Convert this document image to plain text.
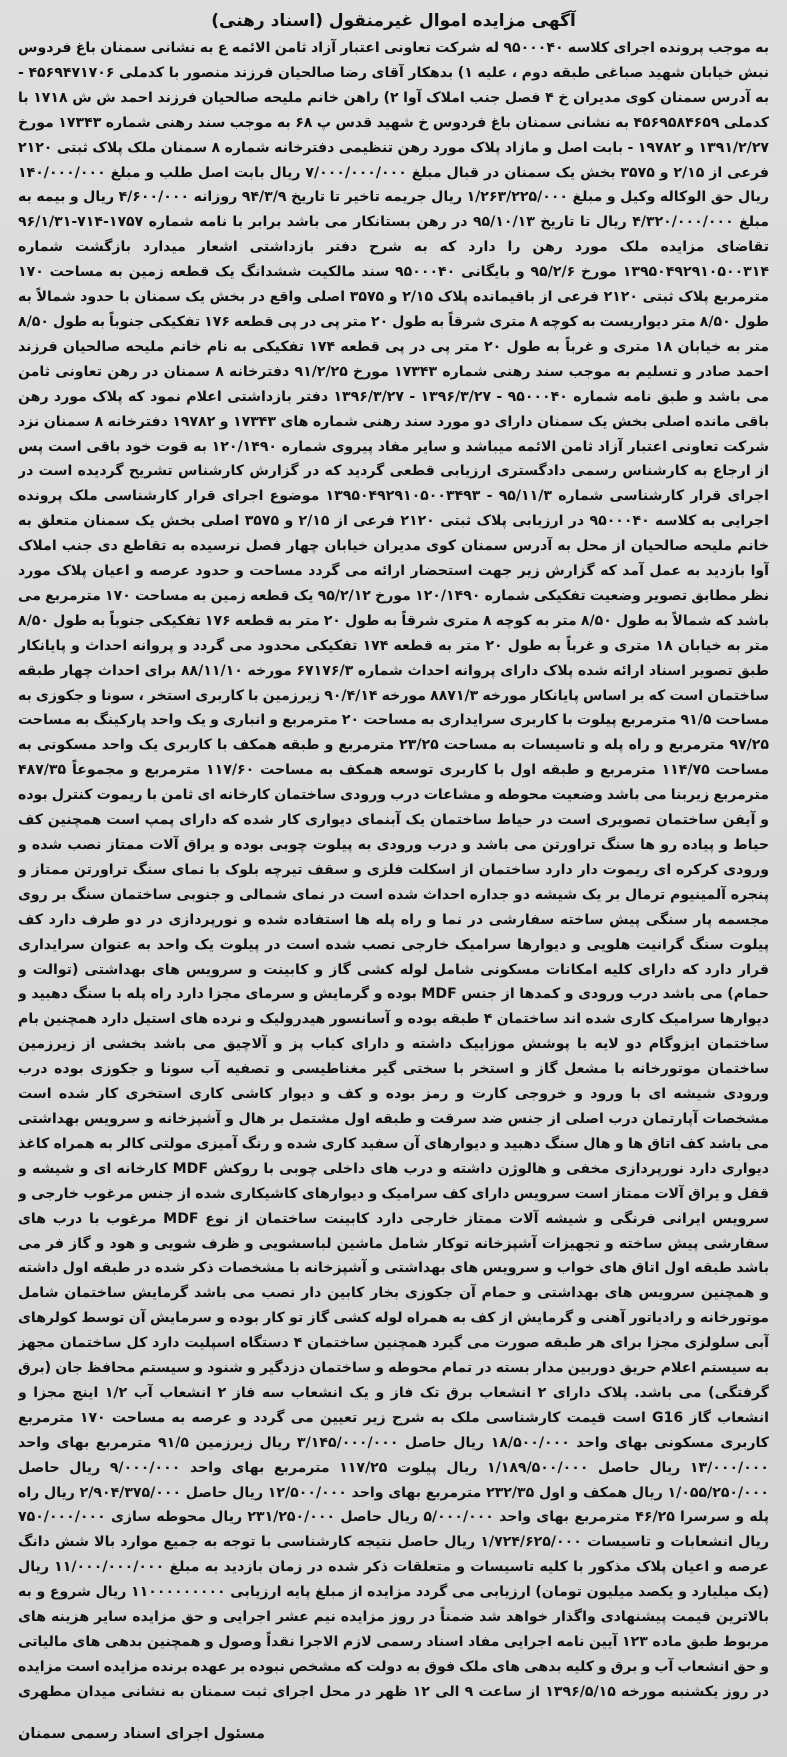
آگهی مزایده اموال غیرمنقول (اسناد رهنی)

به موجب پرونده اجرای کلاسه ۹۵۰۰۰۴۰ له شرکت تعاونی اعتبار آزاد ثامن الائمه ع به نشانی سمنان باغ فردوس نبش خیابان شهید صباغی طبقه دوم ، علیه ۱) بدهکار آقای رضا صالحیان فرزند منصور با کدملی ۴۵۶۹۴۷۱۷۰۶ - به آدرس سمنان کوی مدیران خ ۴ فصل جنب املاک آوا ۲) راهن خانم ملیحه صالحیان فرزند احمد ش ش ۱۷۱۸ با کدملی ۴۵۶۹۵۸۴۶۵۹ به نشانی سمنان باغ فردوس خ شهید قدس پ ۶۸ به موجب سند رهنی شماره ۱۷۳۴۳ مورخ ۱۳۹۱/۲/۲۷ و ۱۹۷۸۲ - بابت اصل و مازاد پلاک مورد رهن تنظیمی دفترخانه شماره ۸ سمنان ملک پلاک ثبتی ۲۱۲۰ فرعی از ۲/۱۵ و ۳۵۷۵ بخش یک سمنان در قبال مبلغ ۷/۰۰۰/۰۰۰/۰۰۰ ریال بابت اصل طلب و مبلغ ۱۴۰/۰۰۰/۰۰۰ ریال حق الوکاله وکیل و مبلغ ۱/۲۶۳/۲۲۵/۰۰۰ ریال جریمه تاخیر تا تاریخ ۹۴/۳/۹ روزانه ۴/۶۰۰/۰۰۰ ریال و بیمه به مبلغ ۴/۳۲۰/۰۰۰/۰۰۰ ریال تا تاریخ ۹۵/۱۰/۱۳ در رهن بستانکار می باشد برابر با نامه شماره ۱۷۵۷-۷۱۴-۹۶/۱/۳۱ تقاضای مزایده ملک مورد رهن را دارد که به شرح دفتر بازداشتی اشعار میدارد بازگشت شماره ۱۳۹۵۰۴۹۲۹۱۰۵۰۰۳۱۴ مورخ ۹۵/۲/۶ و بایگانی ۹۵۰۰۰۴۰ سند مالکیت ششدانگ یک قطعه زمین به مساحت ۱۷۰ مترمربع پلاک ثبتی ۲۱۲۰ فرعی از باقیمانده پلاک ۲/۱۵ و ۳۵۷۵ اصلی واقع در بخش یک سمنان با حدود شمالاً به طول ۸/۵۰ متر دیواریست به کوچه ۸ متری شرقاً به طول ۲۰ متر پی در پی قطعه ۱۷۶ تفکیکی جنوباً به طول ۸/۵۰ متر به خیابان ۱۸ متری و غرباً به طول ۲۰ متر پی در پی قطعه ۱۷۴ تفکیکی به نام خانم ملیحه صالحیان فرزند احمد صادر و تسلیم به موجب سند رهنی شماره ۱۷۳۴۳ مورخ ۹۱/۲/۲۵ دفترخانه ۸ سمنان در رهن تعاونی ثامن می باشد و طبق نامه شماره ۹۵۰۰۰۴۰ - ۱۳۹۶/۳/۲۷ - ۱۳۹۶/۳/۲۷ دفتر بازداشتی اعلام نمود که پلاک مورد رهن باقی مانده اصلی بخش یک سمنان دارای دو مورد سند رهنی شماره های ۱۷۳۴۳ و ۱۹۷۸۲ دفترخانه ۸ سمنان نزد شرکت تعاونی اعتبار آزاد ثامن الائمه میباشد و سایر مفاد پیروی شماره ۱۲۰/۱۴۹۰ به قوت خود باقی است پس از ارجاع به کارشناس رسمی دادگستری ارزیابی قطعی گردید که در گزارش کارشناس تشریح گردیده است در اجرای قرار کارشناسی شماره ۹۵/۱۱/۳ - ۱۳۹۵۰۴۹۲۹۱۰۵۰۰۳۴۹۳ موضوع اجرای قرار کارشناسی ملک پرونده اجرایی به کلاسه ۹۵۰۰۰۴۰ در ارزیابی پلاک ثبتی ۲۱۲۰ فرعی از ۲/۱۵ و ۳۵۷۵ اصلی بخش یک سمنان متعلق به خانم ملیحه صالحیان از محل به آدرس سمنان کوی مدیران خیابان چهار فصل نرسیده به تقاطع دی جنب املاک آوا بازدید به عمل آمد که گزارش زیر جهت استحضار ارائه می گردد مساحت و حدود عرصه و اعیان پلاک مورد نظر مطابق تصویر وضعیت تفکیکی شماره ۱۲۰/۱۴۹۰ مورخ ۹۵/۲/۱۲ یک قطعه زمین به مساحت ۱۷۰ مترمربع می باشد که شمالاً به طول ۸/۵۰ متر به کوچه ۸ متری شرقاً به طول ۲۰ متر به قطعه ۱۷۶ تفکیکی جنوباً به طول ۸/۵۰ متر به خیابان ۱۸ متری و غرباً به طول ۲۰ متر به قطعه ۱۷۴ تفکیکی محدود می گردد و پروانه احداث و پایانکار طبق تصویر اسناد ارائه شده پلاک دارای پروانه احداث شماره ۶۷۱۷۶/۳ مورخه ۸۸/۱۱/۱۰ برای احداث چهار طبقه ساختمان است که بر اساس پایانکار مورخه ۸۸۷۱/۳ مورخه ۹۰/۴/۱۴ زیرزمین با کاربری استخر ، سونا و جکوزی به مساحت ۹۱/۵ مترمربع پیلوت با کاربری سرایداری به مساحت ۲۰ مترمربع و انباری و یک واحد پارکینگ به مساحت ۹۷/۲۵ مترمربع و راه پله و تاسیسات به مساحت ۲۳/۲۵ مترمربع و طبقه همکف با کاربری یک واحد مسکونی به مساحت ۱۱۴/۷۵ مترمربع و طبقه اول با کاربری توسعه همکف به مساحت ۱۱۷/۶۰ مترمربع و مجموعاً ۴۸۷/۳۵ مترمربع زیربنا می باشد وضعیت محوطه و مشاعات درب ورودی ساختمان کارخانه ای ثامن با ریموت کنترل بوده و آیفن ساختمان تصویری است در حیاط ساختمان یک آبنمای دیواری کار شده که دارای پمپ است همچنین کف حیاط و پیاده رو ها سنگ تراورتن می باشد و درب ورودی به پیلوت چوبی بوده و یراق آلات ممتاز نصب شده و ورودی کرکره ای ریموت دار دارد ساختمان از اسکلت فلزی و سقف تیرچه بلوک با نمای سنگ تراورتن ممتاز و پنجره آلمینیوم ترمال بر یک شیشه دو جداره احداث شده است در نمای شمالی و جنوبی ساختمان سنگ بر روی مجسمه پار سنگی پیش ساخته سفارشی در نما و راه پله ها استفاده شده و نورپردازی در دو طرف دارد کف پیلوت سنگ گرانیت هلویی و دیوارها سرامیک خارجی نصب شده است در پیلوت یک واحد به عنوان سرایداری قرار دارد که دارای کلیه امکانات مسکونی شامل لوله کشی گاز و کابینت و سرویس های بهداشتی (توالت و حمام) می باشد درب ورودی و کمدها از جنس MDF بوده و گرمایش و سرمای مجزا دارد راه پله با سنگ دهبید و دیوارها سرامیک کاری شده اند ساختمان ۴ طبقه بوده و آسانسور هیدرولیک و نرده های استیل دارد همچنین بام ساختمان ایزوگام دو لایه با پوشش موزاییک داشته و دارای کباب پز و آلاچیق می باشد بخشی از زیرزمین ساختمان موتورخانه با مشعل گاز و استخر با سختی گیر مغناطیسی و تصفیه آب سونا و جکوزی بوده درب ورودی شیشه ای با ورود و خروجی کارت و رمز بوده و کف و دیوار کاشی کاری استخری کار شده است مشخصات آپارتمان درب اصلی از جنس ضد سرقت و طبقه اول مشتمل بر هال و آشپزخانه و سرویس بهداشتی می باشد کف اتاق ها و هال سنگ دهبید و دیوارهای آن سفید کاری شده و رنگ آمیزی مولتی کالر به همراه کاغذ دیواری دارد نورپردازی مخفی و هالوژن داشته و درب های داخلی چوبی با روکش MDF کارخانه ای و شیشه و قفل و یراق آلات ممتاز است سرویس دارای کف سرامیک و دیوارهای کاشیکاری شده از جنس مرغوب خارجی و سرویس ایرانی فرنگی و شیشه آلات ممتاز خارجی دارد کابینت ساختمان از نوع MDF مرغوب با درب های سفارشی پیش ساخته و تجهیزات آشپزخانه توکار شامل ماشین لباسشویی و ظرف شویی و هود و گاز فر می باشد طبقه اول اتاق های خواب و سرویس های بهداشتی و آشپزخانه با مشخصات ذکر شده در طبقه اول داشته و همچنین سرویس های بهداشتی و حمام آن جکوزی بخار کابین دار نصب می باشد گرمایش ساختمان شامل موتورخانه و رادیاتور آهنی و گرمایش از کف به همراه لوله کشی گاز تو کار بوده و سرمایش آن توسط کولرهای آبی سلولزی مجزا برای هر طبقه صورت می گیرد همچنین ساختمان ۴ دستگاه اسپلیت دارد کل ساختمان مجهز به سیستم اعلام حریق دوربین مدار بسته در تمام محوطه و ساختمان دزدگیر و شنود و سیستم محافظ جان (برق گرفتگی) می باشد. پلاک دارای ۲ انشعاب برق تک فاز و یک انشعاب سه فاز ۲ انشعاب آب ۱/۲ اینچ مجزا و انشعاب گاز G16 است قیمت کارشناسی ملک به شرح زیر تعیین می گردد و عرصه به مساحت ۱۷۰ مترمربع کاربری مسکونی بهای واحد ۱۸/۵۰۰/۰۰۰ ریال حاصل ۳/۱۴۵/۰۰۰/۰۰۰ ریال زیرزمین ۹۱/۵ مترمربع بهای واحد ۱۳/۰۰۰/۰۰۰ ریال حاصل ۱/۱۸۹/۵۰۰/۰۰۰ ریال پیلوت ۱۱۷/۲۵ مترمربع بهای واحد ۹/۰۰۰/۰۰۰ ریال حاصل ۱/۰۵۵/۲۵۰/۰۰۰ ریال همکف و اول ۲۳۲/۳۵ مترمربع بهای واحد ۱۲/۵۰۰/۰۰۰ ریال حاصل ۲/۹۰۴/۳۷۵/۰۰۰ ریال راه پله و سرسرا ۴۶/۲۵ مترمربع بهای واحد ۵/۰۰۰/۰۰۰ ریال حاصل ۲۳۱/۲۵۰/۰۰۰ ریال محوطه سازی ۷۵۰/۰۰۰/۰۰۰ ریال انشعابات و تاسیسات ۱/۷۲۴/۶۲۵/۰۰۰ ریال حاصل نتیجه کارشناسی با توجه به جمیع موارد بالا شش دانگ عرصه و اعیان پلاک مذکور با کلیه تاسیسات و متعلقات ذکر شده در زمان بازدید به مبلغ ۱۱/۰۰۰/۰۰۰/۰۰۰ ریال (یک میلیارد و یکصد میلیون تومان) ارزیابی می گردد مزایده از مبلغ پایه ارزیابی ۱۱۰۰۰۰۰۰۰۰۰ ریال شروع و به بالاترین قیمت پیشنهادی واگذار خواهد شد ضمناً در روز مزایده نیم عشر اجرایی و حق مزایده سایر هزینه های مربوط طبق ماده ۱۲۳ آیین نامه اجرایی مفاد اسناد رسمی لازم الاجرا نقداً وصول و همچنین بدهی های مالیاتی و حق انشعاب آب و برق و کلیه بدهی های ملک فوق به دولت که مشخص نبوده بر عهده برنده مزایده است مزایده در روز یکشنبه مورخه ۱۳۹۶/۵/۱۵ از ساعت ۹ الی ۱۲ ظهر در محل اجرای ثبت سمنان به نشانی میدان مطهری

مسئول اجرای اسناد رسمی سمنان
